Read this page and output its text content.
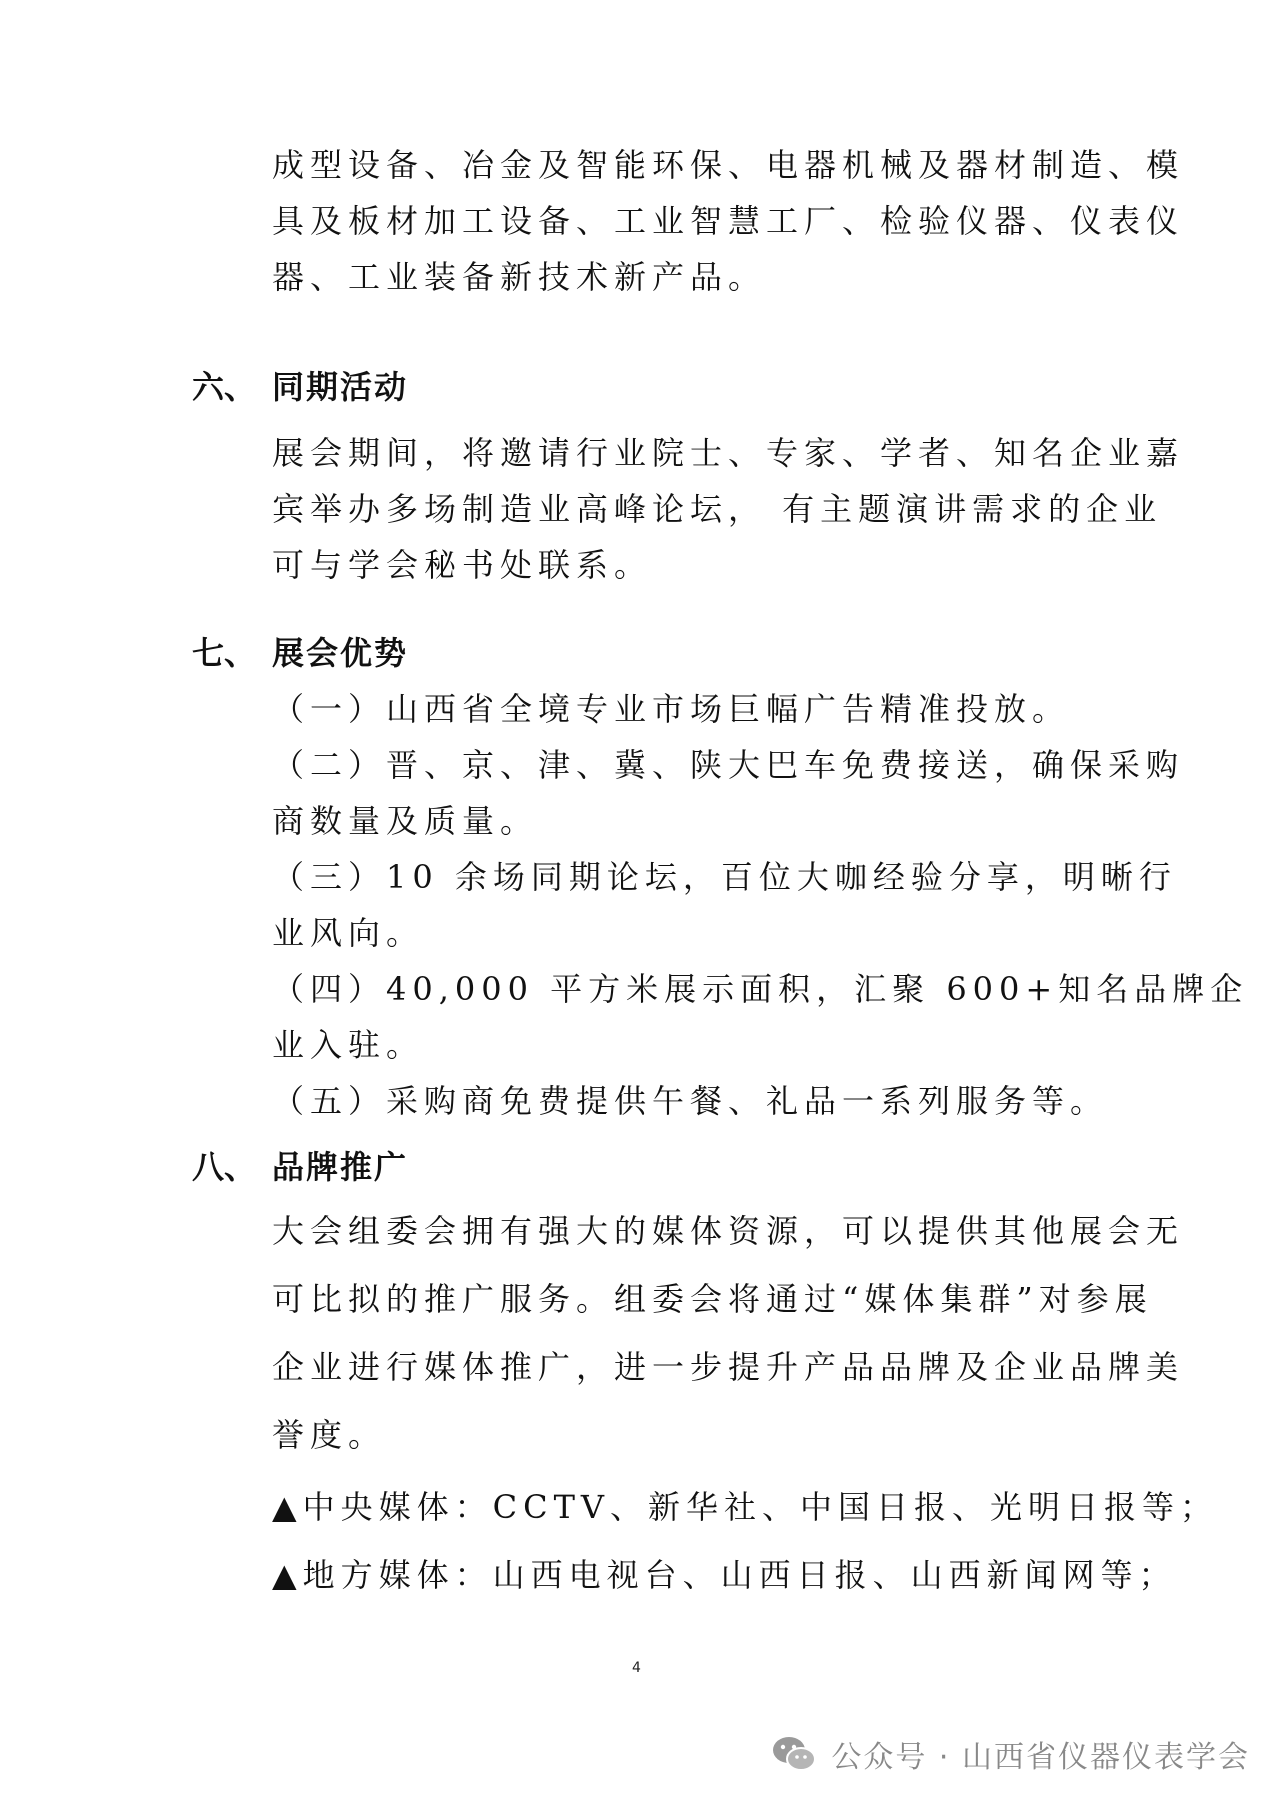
成型设备、冶金及智能环保、电器机械及器材制造、模
具及板材加工设备、工业智慧工厂、检验仪器、仪表仪
器、工业装备新技术新产品。
六、 同期活动
展会期间，将邀请行业院士、专家、学者、知名企业嘉
宾举办多场制造业高峰论坛， 有主题演讲需求的企业
可与学会秘书处联系。
七、 展会优势
（一）山西省全境专业市场巨幅广告精准投放。
（二）晋、京、津、冀、陕大巴车免费接送，确保采购
商数量及质量。
（三）10 余场同期论坛，百位大咖经验分享，明晰行
业风向。
（四）40,000 平方米展示面积，汇聚 600+知名品牌企
业入驻。
（五）采购商免费提供午餐、礼品一系列服务等。
八、 品牌推广
大会组委会拥有强大的媒体资源，可以提供其他展会无
可比拟的推广服务。组委会将通过“媒体集群”对参展
企业进行媒体推广，进一步提升产品品牌及企业品牌美
誉度。
▲中央媒体：CCTV、新华社、中国日报、光明日报等；
▲地方媒体：山西电视台、山西日报、山西新闻网等；
4
公众号 · 山西省仪器仪表学会
